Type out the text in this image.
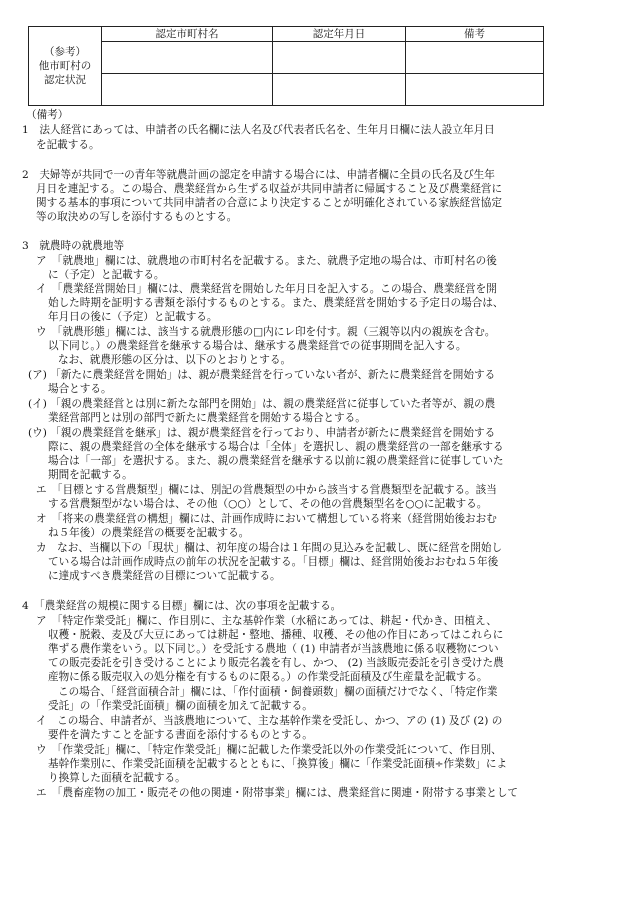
（参考）
他市町村の
認定状況	認定市町村名	認定年月日	備考

（備考）
1　法人経営にあっては、申請者の氏名欄に法人名及び代表者氏名を、生年月日欄に法人設立年月日
を記載する。
2　夫婦等が共同で一の青年等就農計画の認定を申請する場合には、申請者欄に全員の氏名及び生年
月日を連記する。この場合、農業経営から生ずる収益が共同申請者に帰属すること及び農業経営に
関する基本的事項について共同申請者の合意により決定することが明確化されている家族経営協定
等の取決めの写しを添付するものとする。
3　就農時の就農地等
ア　「就農地」欄には、就農地の市町村名を記載する。また、就農予定地の場合は、市町村名の後
に（予定）と記載する。
イ　「農業経営開始日」欄には、農業経営を開始した年月日を記入する。この場合、農業経営を開
始した時期を証明する書類を添付するものとする。また、農業経営を開始する予定日の場合は、
年月日の後に（予定）と記載する。
ウ　「就農形態」欄には、該当する就農形態の□内にレ印を付す。親（三親等以内の親族を含む。
以下同じ。）の農業経営を継承する場合は、継承する農業経営での従事期間を記入する。
なお、就農形態の区分は、以下のとおりとする。
(ア) 「新たに農業経営を開始」は、親が農業経営を行っていない者が、新たに農業経営を開始する
場合とする。
(イ) 「親の農業経営とは別に新たな部門を開始」は、親の農業経営に従事していた者等が、親の農
業経営部門とは別の部門で新たに農業経営を開始する場合とする。
(ウ) 「親の農業経営を継承」は、親が農業経営を行っており、申請者が新たに農業経営を開始する
際に、親の農業経営の全体を継承する場合は「全体」を選択し、親の農業経営の一部を継承する
場合は「一部」を選択する。また、親の農業経営を継承する以前に親の農業経営に従事していた
期間を記載する。
エ　「目標とする営農類型」欄には、別記の営農類型の中から該当する営農類型を記載する。該当
する営農類型がない場合は、その他（○○）として、その他の営農類型名を○○に記載する。
オ　「将来の農業経営の構想」欄には、計画作成時において構想している将来（経営開始後おおむ
ね５年後）の農業経営の概要を記載する。
カ　なお、当欄以下の「現状」欄は、初年度の場合は１年間の見込みを記載し、既に経営を開始し
ている場合は計画作成時点の前年の状況を記載する。「目標」欄は、経営開始後おおむね５年後
に達成すべき農業経営の目標について記載する。
4　「農業経営の規模に関する目標」欄には、次の事項を記載する。
ア　「特定作業受託」欄に、作目別に、主な基幹作業（水稲にあっては、耕起・代かき、田植え、
収穫・脱穀、麦及び大豆にあっては耕起・整地、播種、収穫、その他の作目にあってはこれらに
準ずる農作業をいう。以下同じ。）を受託する農地（ (1) 申請者が当該農地に係る収穫物につい
ての販売委託を引き受けることにより販売名義を有し、かつ、 (2) 当該販売委託を引き受けた農
産物に係る販売収入の処分権を有するものに限る。）の作業受託面積及び生産量を記載する。
この場合、「経営面積合計」欄には、「作付面積・飼養頭数」欄の面積だけでなく、「特定作業
受託」の「作業受託面積」欄の面積を加えて記載する。
イ　この場合、申請者が、当該農地について、主な基幹作業を受託し、かつ、アの (1) 及び (2) の
要件を満たすことを証する書面を添付するものとする。
ウ　「作業受託」欄に、「特定作業受託」欄に記載した作業受託以外の作業受託について、作目別、
基幹作業別に、作業受託面積を記載するとともに、「換算後」欄に「作業受託面積÷作業数」によ
り換算した面積を記載する。
エ　「農畜産物の加工・販売その他の関連・附帯事業」欄には、農業経営に関連・附帯する事業として
